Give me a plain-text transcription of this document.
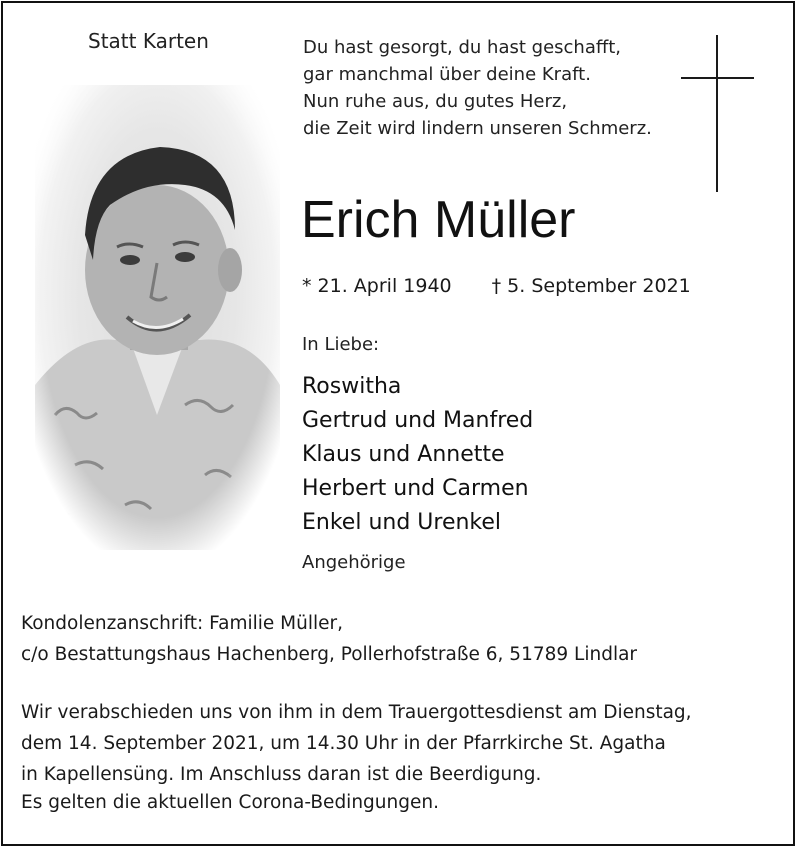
Statt Karten	Du hast gesorgt, du hast geschafft,
gar manchmal über deine Kraft.
Nun ruhe aus, du gutes Herz,
die Zeit wird lindern unseren Schmerz.
Erich Müller
* 21. April 1940 † 5. September 2021
In Liebe:
Roswitha
Gertrud und Manfred
Klaus und Annette
Herbert und Carmen
Enkel und Urenkel
Angehörige
Kondolenzanschrift: Familie Müller,
c/o Bestattungshaus Hachenberg, Pollerhofstraße 6, 51789 Lindlar
Wir verabschieden uns von ihm in dem Trauergottesdienst am Dienstag,
dem 14. September 2021, um 14.30 Uhr in der Pfarrkirche St. Agatha
in Kapellensüng. Im Anschluss daran ist die Beerdigung.
Es gelten die aktuellen Corona-Bedingungen.
